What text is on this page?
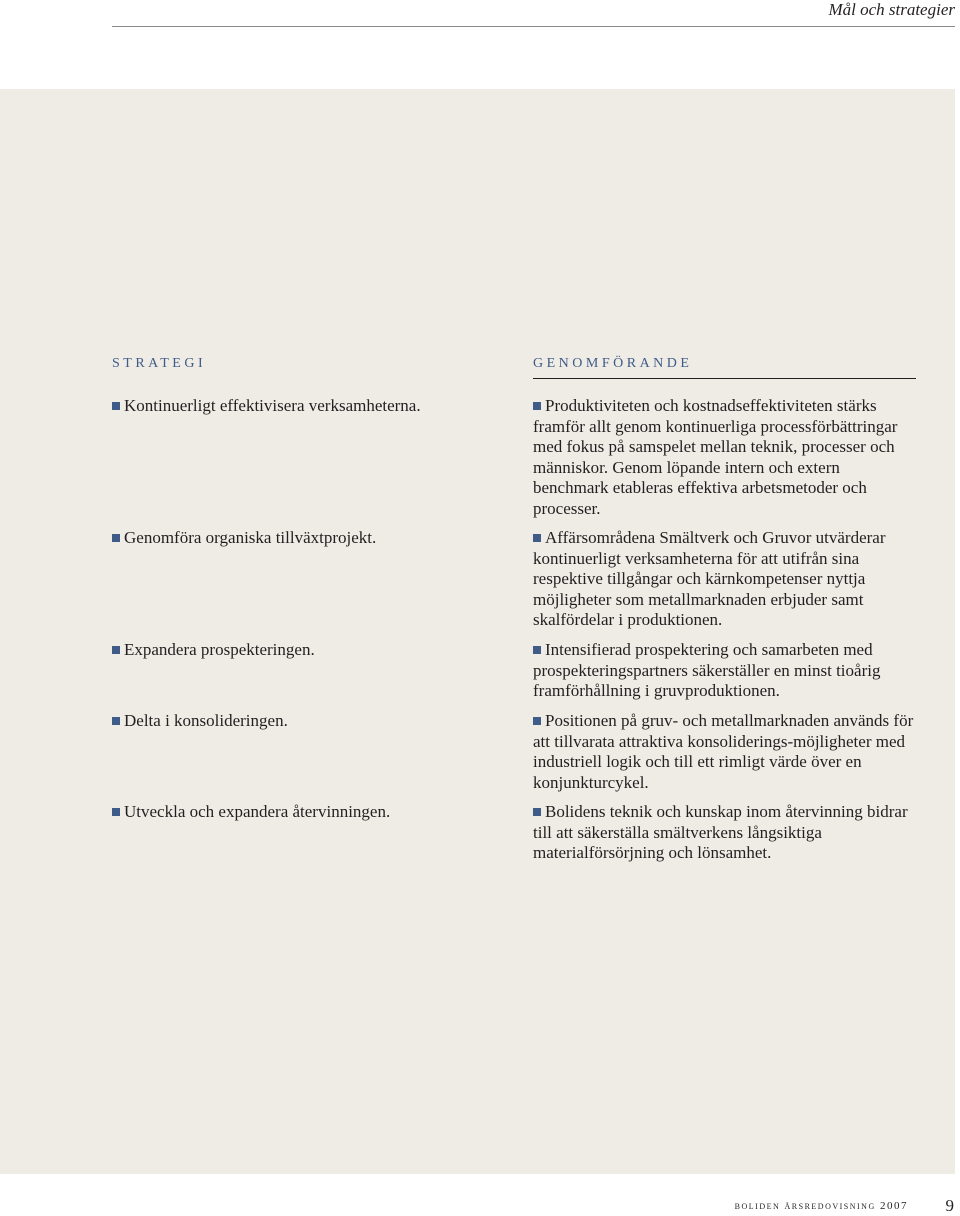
Mål och strategier
STRATEGI	GENOMFÖRANDE
Kontinuerligt effektivisera verksamheterna.	Produktiviteten och kostnadseffektiviteten stärks framför allt genom kontinuerliga processförbättringar med fokus på samspelet mellan teknik, processer och människor. Genom löpande intern och extern benchmark etableras effektiva arbetsmetoder och processer.
Genomföra organiska tillväxtprojekt.	Affärsområdena Smältverk och Gruvor utvärderar kontinuerligt verksamheterna för att utifrån sina respektive tillgångar och kärnkompetenser nyttja möjligheter som metallmarknaden erbjuder samt skalfördelar i produktionen.
Expandera prospekteringen.	Intensifierad prospektering och samarbeten med prospekteringspartners säkerställer en minst tioårig framförhållning i gruvproduktionen.
Delta i konsolideringen.	Positionen på gruv- och metallmarknaden används för att tillvarata attraktiva konsoliderings-möjligheter med industriell logik och till ett rimligt värde över en konjunkturcykel.
Utveckla och expandera återvinningen.	Bolidens teknik och kunskap inom återvinning bidrar till att säkerställa smältverkens långsiktiga materialförsörjning och lönsamhet.
boliden årsredovisning 2007 9
